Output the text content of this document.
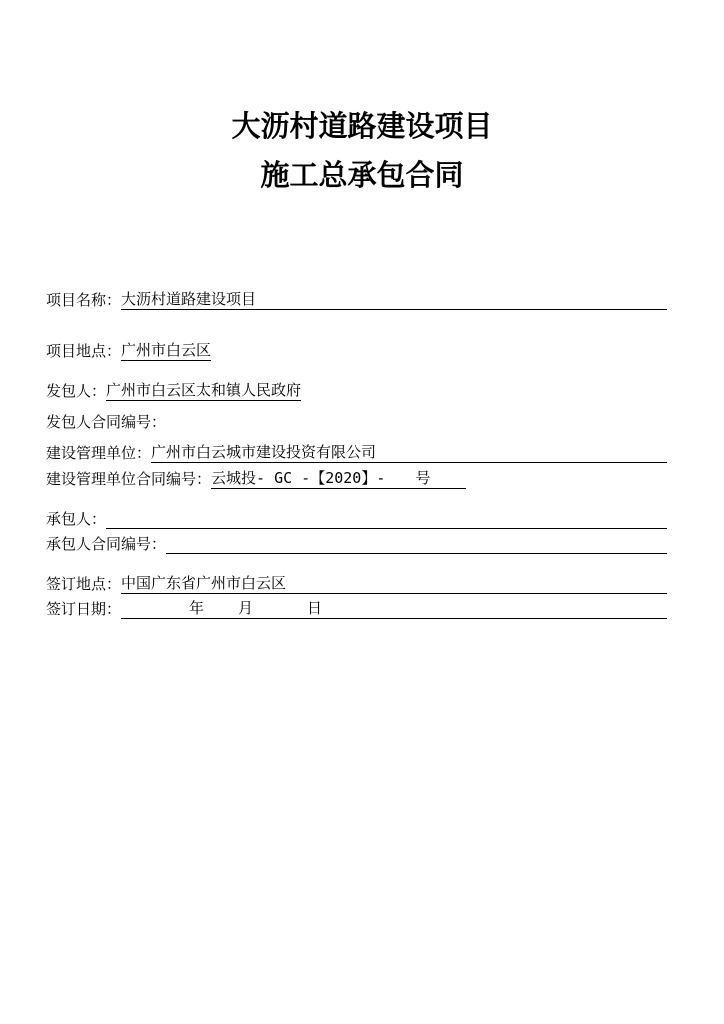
大沥村道路建设项目
施工总承包合同
项目名称： 大沥村道路建设项目
项目地点： 广州市白云区
发包人： 广州市白云区太和镇人民政府
发包人合同编号：
建设管理单位： 广州市白云城市建设投资有限公司
建设管理单位合同编号： 云城投- GC -【2020】- 号
承包人：
承包人合同编号：
签订地点： 中国广东省广州市白云区
签订日期：	年 月	日
